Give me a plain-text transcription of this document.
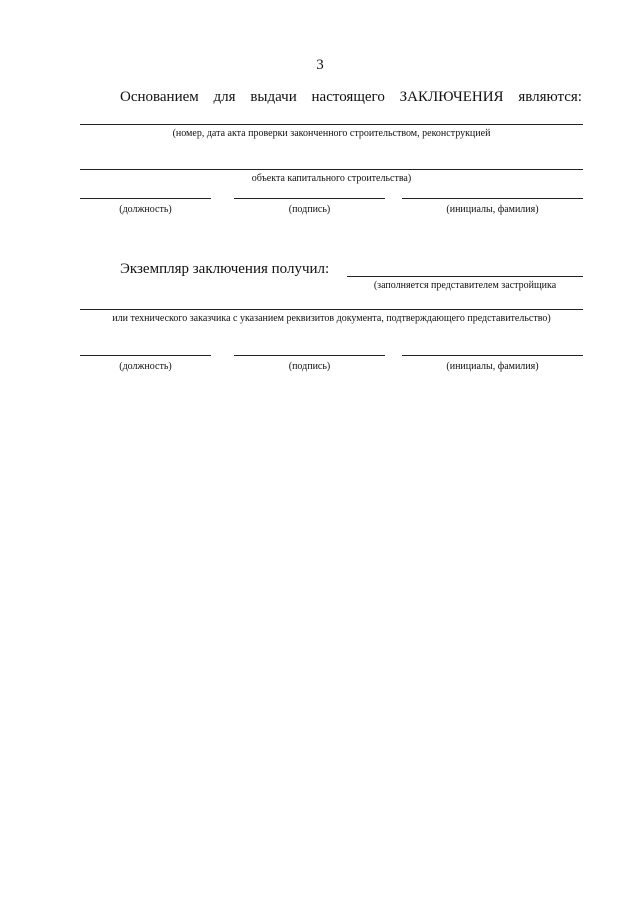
3
Основанием для выдачи настоящего ЗАКЛЮЧЕНИЯ являются:
(номер, дата акта проверки законченного строительством, реконструкцией
объекта капитального строительства)
(должность)	(подпись)	(инициалы, фамилия)
Экземпляр заключения получил:
(заполняется представителем застройщика
или технического заказчика с указанием реквизитов документа, подтверждающего представительство)
(должность)	(подпись)	(инициалы, фамилия)
